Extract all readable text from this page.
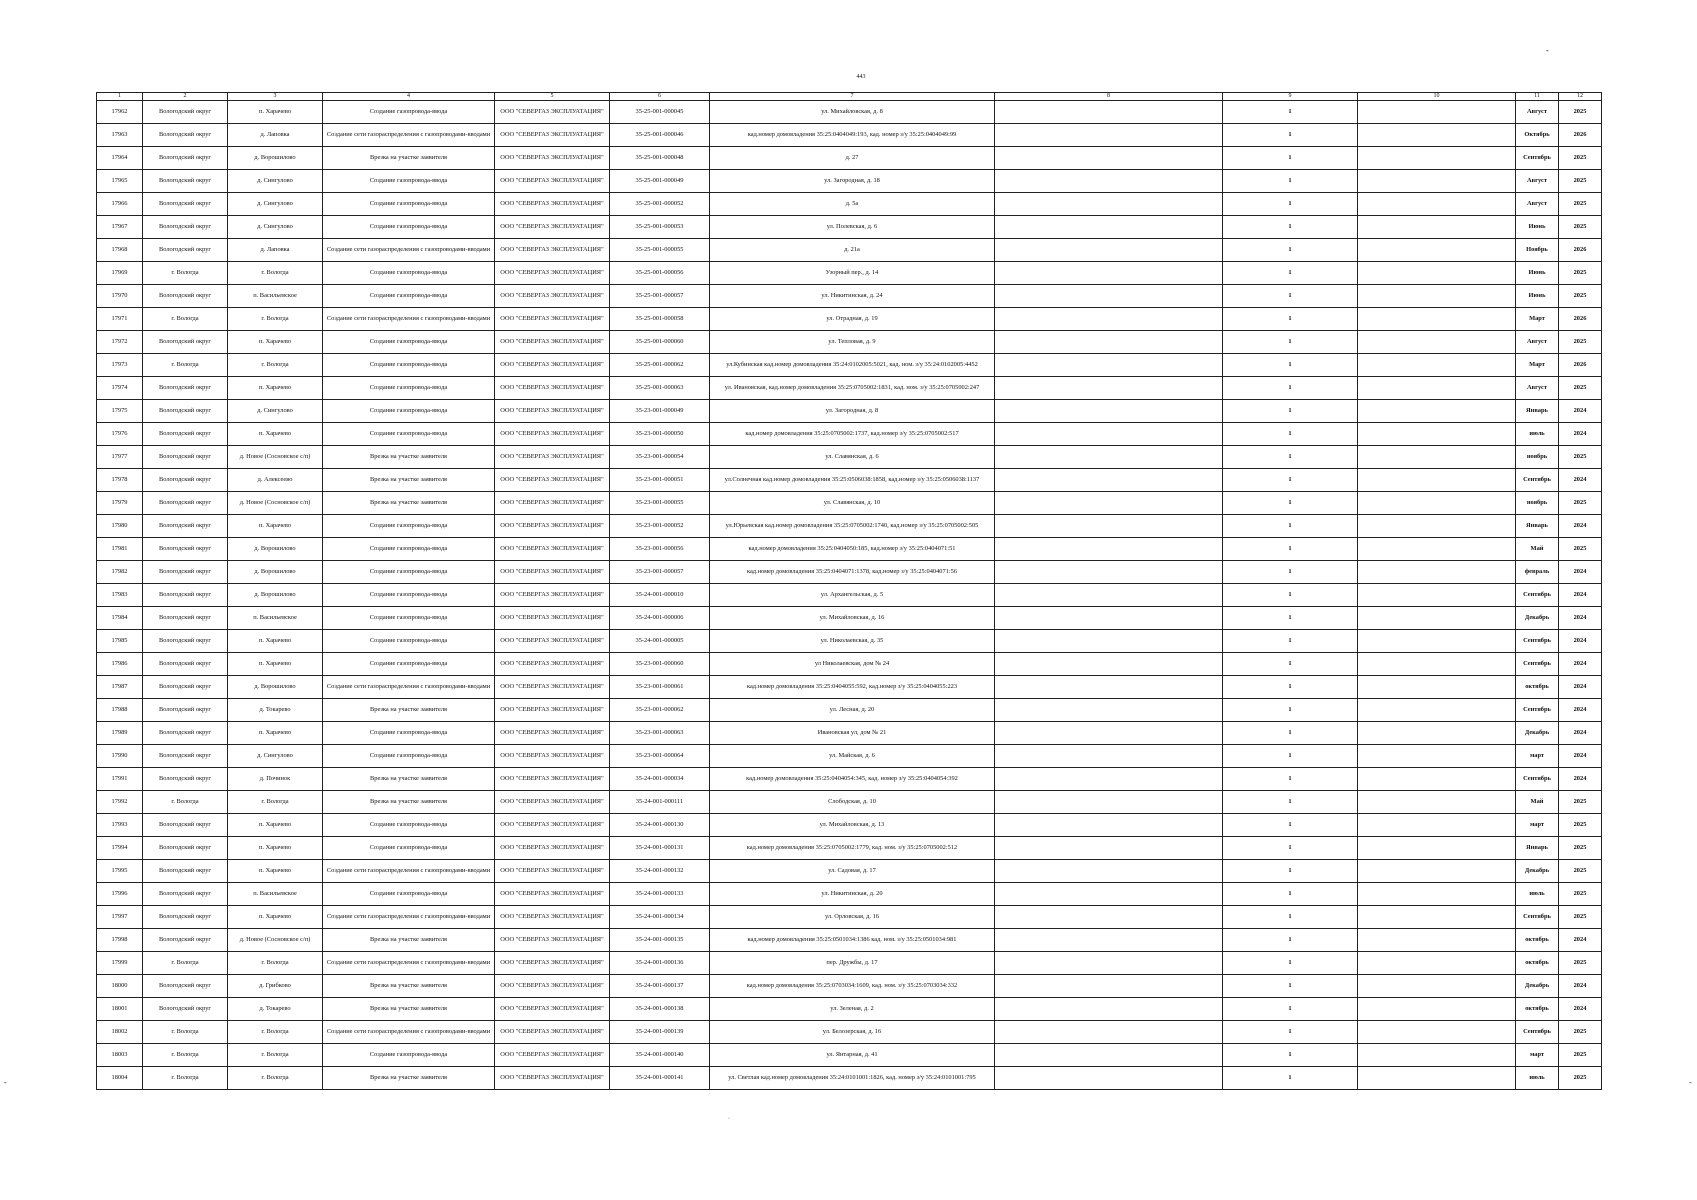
-
443
1	2	3	4	5	6	7	8	9	10	11	12
17962	Вологодский округ	п. Харачево	Создание газопровода-ввода	ООО "СЕВЕРГАЗ ЭКСПЛУАТАЦИЯ"	35-25-001-000045	ул. Михайловская, д. 8		1		Август	2025
17963	Вологодский округ	д. Лаповка	Создание сети газораспределения с газопроводами-вводами	ООО "СЕВЕРГАЗ ЭКСПЛУАТАЦИЯ"	35-25-001-000046	кад.номер домовладения 35:25:0404049:193, кад. номер з/у 35:25:0404049:99		1		Октябрь	2026
17964	Вологодский округ	д. Ворошилово	Врезка на участке заявителя	ООО "СЕВЕРГАЗ ЭКСПЛУАТАЦИЯ"	35-25-001-000048	д. 27		1		Сентябрь	2025
17965	Вологодский округ	д. Сингулово	Создание газопровода-ввода	ООО "СЕВЕРГАЗ ЭКСПЛУАТАЦИЯ"	35-25-001-000049	ул. Загородная, д. 18		1		Август	2025
17966	Вологодский округ	д. Сингулово	Создание газопровода-ввода	ООО "СЕВЕРГАЗ ЭКСПЛУАТАЦИЯ"	35-25-001-000052	д. 5а		1		Август	2025
17967	Вологодский округ	д. Сингулово	Создание газопровода-ввода	ООО "СЕВЕРГАЗ ЭКСПЛУАТАЦИЯ"	35-25-001-000053	ул. Полевская, д. 6		1		Июнь	2025
17968	Вологодский округ	д. Лаповка	Создание сети газораспределения с газопроводами-вводами	ООО "СЕВЕРГАЗ ЭКСПЛУАТАЦИЯ"	35-25-001-000055	д. 21а		1		Ноябрь	2026
17969	г. Вологда	г. Вологда	Создание газопровода-ввода	ООО "СЕВЕРГАЗ ЭКСПЛУАТАЦИЯ"	35-25-001-000056	Узорный пер., д. 14		1		Июнь	2025
17970	Вологодский округ	п. Васильевское	Создание газопровода-ввода	ООО "СЕВЕРГАЗ ЭКСПЛУАТАЦИЯ"	35-25-001-000057	ул. Никитинская, д. 24		1		Июнь	2025
17971	г. Вологда	г. Вологда	Создание сети газораспределения с газопроводами-вводами	ООО "СЕВЕРГАЗ ЭКСПЛУАТАЦИЯ"	35-25-001-000058	ул. Отрадная, д. 19		1		Март	2026
17972	Вологодский округ	п. Харачево	Создание газопровода-ввода	ООО "СЕВЕРГАЗ ЭКСПЛУАТАЦИЯ"	35-25-001-000060	ул. Тепловая, д. 9		1		Август	2025
17973	г. Вологда	г. Вологда	Создание газопровода-ввода	ООО "СЕВЕРГАЗ ЭКСПЛУАТАЦИЯ"	35-25-001-000062	ул.Кубинская кад.номер домовладения 35:24:0102005:5021, кад. ном. з/у 35:24:0102005:4452		1		Март	2026
17974	Вологодский округ	п. Харачево	Создание газопровода-ввода	ООО "СЕВЕРГАЗ ЭКСПЛУАТАЦИЯ"	35-25-001-000063	ул. Ивановская, кад.номер домовладения 35:25:0705002:1831, кад. ном. з/у 35:25:0705002:247		1		Август	2025
17975	Вологодский округ	д. Сингулово	Создание газопровода-ввода	ООО "СЕВЕРГАЗ ЭКСПЛУАТАЦИЯ"	35-23-001-000049	ул. Загородная, д. 8		1		Январь	2024
17976	Вологодский округ	п. Харачево	Создание газопровода-ввода	ООО "СЕВЕРГАЗ ЭКСПЛУАТАЦИЯ"	35-23-001-000050	кад.номер домовладения 35:25:0705002:1737, кад.номер з/у 35:25:0705002:517		1		июль	2024
17977	Вологодский округ	д. Новое (Сосновское с/п)	Врезка на участке заявителя	ООО "СЕВЕРГАЗ ЭКСПЛУАТАЦИЯ"	35-23-001-000054	ул. Славянская, д. 6		1		ноябрь	2025
17978	Вологодский округ	д. Алексеево	Врезка на участке заявителя	ООО "СЕВЕРГАЗ ЭКСПЛУАТАЦИЯ"	35-23-001-000051	ул.Солнечная кад.номер домовладения 35:25:0506038:1858, кад.номер з/у 35:25:0506038:1137		1		Сентябрь	2024
17979	Вологодский округ	д. Новое (Сосновское с/п)	Врезка на участке заявителя	ООО "СЕВЕРГАЗ ЭКСПЛУАТАЦИЯ"	35-23-001-000055	ул. Славянская, д. 10		1		ноябрь	2025
17980	Вологодский округ	п. Харачево	Создание газопровода-ввода	ООО "СЕВЕРГАЗ ЭКСПЛУАТАЦИЯ"	35-23-001-000052	ул.Юрьевская кад.номер домовладения 35:25:0705002:1740, кад.номер з/у 35:25:0705002:505		1		Январь	2024
17981	Вологодский округ	д. Ворошилово	Создание газопровода-ввода	ООО "СЕВЕРГАЗ ЭКСПЛУАТАЦИЯ"	35-23-001-000056	кад.номер домовладения 35:25:0404050:185, кад.номер з/у 35:25:0404071:51		1		Май	2025
17982	Вологодский округ	д. Ворошилово	Создание газопровода-ввода	ООО "СЕВЕРГАЗ ЭКСПЛУАТАЦИЯ"	35-23-001-000057	кад.номер домовладения 35:25:0404071:1378, кад.номер з/у 35:25:0404071:56		1		февраль	2024
17983	Вологодский округ	д. Ворошилово	Создание газопровода-ввода	ООО "СЕВЕРГАЗ ЭКСПЛУАТАЦИЯ"	35-24-001-000010	ул. Архангельская, д. 5		1		Сентябрь	2024
17984	Вологодский округ	п. Васильевское	Создание газопровода-ввода	ООО "СЕВЕРГАЗ ЭКСПЛУАТАЦИЯ"	35-24-001-000006	ул. Михайловская, д. 16		1		Декабрь	2024
17985	Вологодский округ	п. Харачево	Создание газопровода-ввода	ООО "СЕВЕРГАЗ ЭКСПЛУАТАЦИЯ"	35-24-001-000005	ул. Николаевская, д. 35		1		Сентябрь	2024
17986	Вологодский округ	п. Харачево	Создание газопровода-ввода	ООО "СЕВЕРГАЗ ЭКСПЛУАТАЦИЯ"	35-23-001-000060	ул Николаевская, дом № 24		1		Сентябрь	2024
17987	Вологодский округ	д. Ворошилово	Создание сети газораспределения с газопроводами-вводами	ООО "СЕВЕРГАЗ ЭКСПЛУАТАЦИЯ"	35-23-001-000061	кад.номер домовладения 35:25:0404055:592, кад.номер з/у 35:25:0404055:223		1		октябрь	2024
17988	Вологодский округ	д. Токарево	Врезка на участке заявителя	ООО "СЕВЕРГАЗ ЭКСПЛУАТАЦИЯ"	35-23-001-000062	ул. Лесная, д. 20		1		Сентябрь	2024
17989	Вологодский округ	п. Харачево	Создание газопровода-ввода	ООО "СЕВЕРГАЗ ЭКСПЛУАТАЦИЯ"	35-23-001-000063	Ивановская ул, дом № 21		1		Декабрь	2024
17990	Вологодский округ	д. Сингулово	Создание газопровода-ввода	ООО "СЕВЕРГАЗ ЭКСПЛУАТАЦИЯ"	35-23-001-000064	ул. Майская, д. 6		1		март	2024
17991	Вологодский округ	д. Починок	Врезка на участке заявителя	ООО "СЕВЕРГАЗ ЭКСПЛУАТАЦИЯ"	35-24-001-000034	кад.номер домовладения 35:25:0404054:345, кад. номер з/у 35:25:0404054:392		1		Сентябрь	2024
17992	г. Вологда	г. Вологда	Врезка на участке заявителя	ООО "СЕВЕРГАЗ ЭКСПЛУАТАЦИЯ"	35-24-001-000111	Слободская, д. 10		1		Май	2025
17993	Вологодский округ	п. Харачево	Создание газопровода-ввода	ООО "СЕВЕРГАЗ ЭКСПЛУАТАЦИЯ"	35-24-001-000130	ул. Михайловская, д. 13		1		март	2025
17994	Вологодский округ	п. Харачево	Создание газопровода-ввода	ООО "СЕВЕРГАЗ ЭКСПЛУАТАЦИЯ"	35-24-001-000131	кад.номер домовладения 35:25:0705002:1779, кад. ном. з/у 35:25:0705002:512		1		Январь	2025
17995	Вологодский округ	п. Харачево	Создание сети газораспределения с газопроводами-вводами	ООО "СЕВЕРГАЗ ЭКСПЛУАТАЦИЯ"	35-24-001-000132	ул. Садовая, д. 17		1		Декабрь	2025
17996	Вологодский округ	п. Васильевское	Создание газопровода-ввода	ООО "СЕВЕРГАЗ ЭКСПЛУАТАЦИЯ"	35-24-001-000133	ул. Никитинская, д. 20		1		июль	2025
17997	Вологодский округ	п. Харачево	Создание сети газораспределения с газопроводами-вводами	ООО "СЕВЕРГАЗ ЭКСПЛУАТАЦИЯ"	35-24-001-000134	ул. Орловская, д. 16		1		Сентябрь	2025
17998	Вологодский округ	д. Новое (Сосновское с/п)	Врезка на участке заявителя	ООО "СЕВЕРГАЗ ЭКСПЛУАТАЦИЯ"	35-24-001-000135	кад.номер домовладения 35:25:0501034:1386 кад. ном. з/у 35:25:0501034:981		1		октябрь	2024
17999	г. Вологда	г. Вологда	Создание сети газораспределения с газопроводами-вводами	ООО "СЕВЕРГАЗ ЭКСПЛУАТАЦИЯ"	35-24-001-000136	пер. Дружбы, д. 17		1		октябрь	2025
18000	Вологодский округ	д. Грибково	Врезка на участке заявителя	ООО "СЕВЕРГАЗ ЭКСПЛУАТАЦИЯ"	35-24-001-000137	кад.номер домовладения 35:25:0703034:1609, кад. ном. з/у 35:25:0703034:332		1		Декабрь	2024
18001	Вологодский округ	д. Токарево	Врезка на участке заявителя	ООО "СЕВЕРГАЗ ЭКСПЛУАТАЦИЯ"	35-24-001-000138	ул. Зеленая, д. 2		1		октябрь	2024
18002	г. Вологда	г. Вологда	Создание сети газораспределения с газопроводами-вводами	ООО "СЕВЕРГАЗ ЭКСПЛУАТАЦИЯ"	35-24-001-000139	ул. Белозерская, д. 16		1		Сентябрь	2025
18003	г. Вологда	г. Вологда	Создание газопровода-ввода	ООО "СЕВЕРГАЗ ЭКСПЛУАТАЦИЯ"	35-24-001-000140	ул. Янтарная, д. 41		1		март	2025
18004	г. Вологда	г. Вологда	Врезка на участке заявителя	ООО "СЕВЕРГАЗ ЭКСПЛУАТАЦИЯ"	35-24-001-000141	ул. Светлая кад.номер домовладения 35:24:0101001:1826, кад. номер з/у 35:24:0101001:795		1		июль	2025
-	-
·
